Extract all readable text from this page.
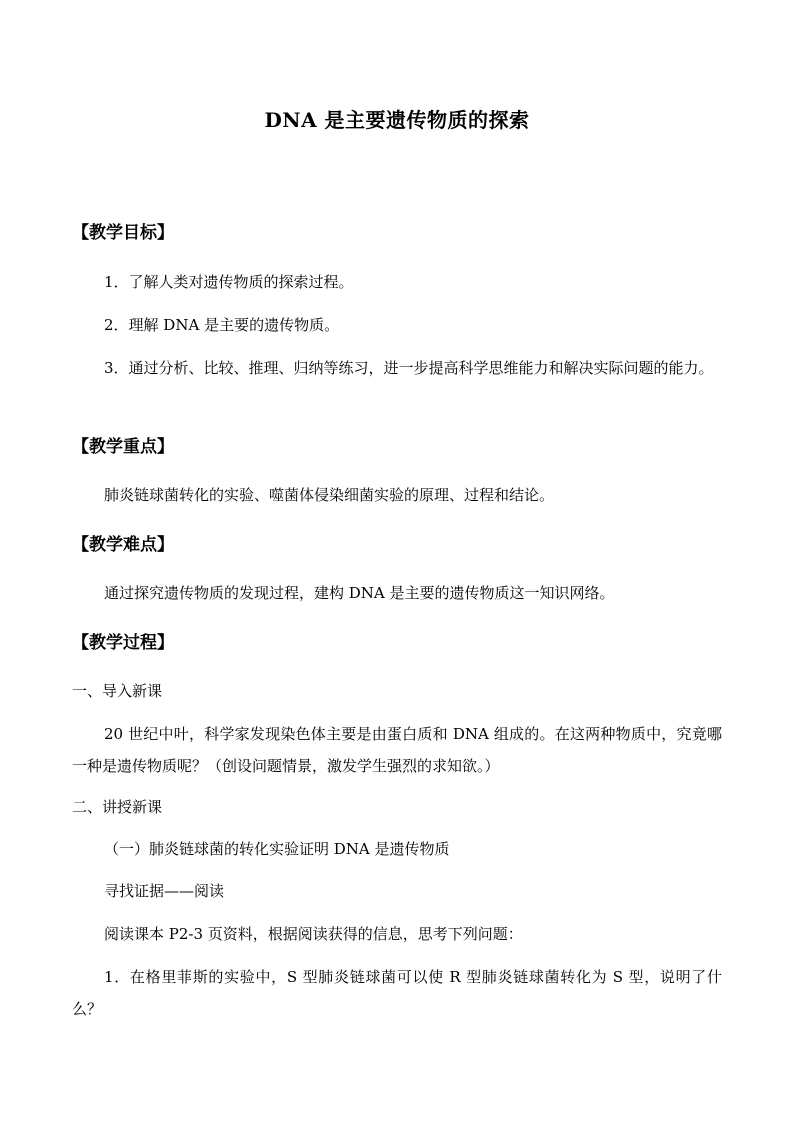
DNA 是主要遗传物质的探索
【教学目标】
1．了解人类对遗传物质的探索过程。
2．理解 DNA 是主要的遗传物质。
3．通过分析、比较、推理、归纳等练习，进一步提高科学思维能力和解决实际问题的能力。
【教学重点】
肺炎链球菌转化的实验、噬菌体侵染细菌实验的原理、过程和结论。
【教学难点】
通过探究遗传物质的发现过程，建构 DNA 是主要的遗传物质这一知识网络。
【教学过程】
一、导入新课
20 世纪中叶，科学家发现染色体主要是由蛋白质和 DNA 组成的。在这两种物质中，究竟哪一种是遗传物质呢？（创设问题情景，激发学生强烈的求知欲。）
二、讲授新课
（一）肺炎链球菌的转化实验证明 DNA 是遗传物质
寻找证据——阅读
阅读课本 P2-3 页资料，根据阅读获得的信息，思考下列问题：
1．在格里菲斯的实验中，S 型肺炎链球菌可以使 R 型肺炎链球菌转化为 S 型，说明了什么？
